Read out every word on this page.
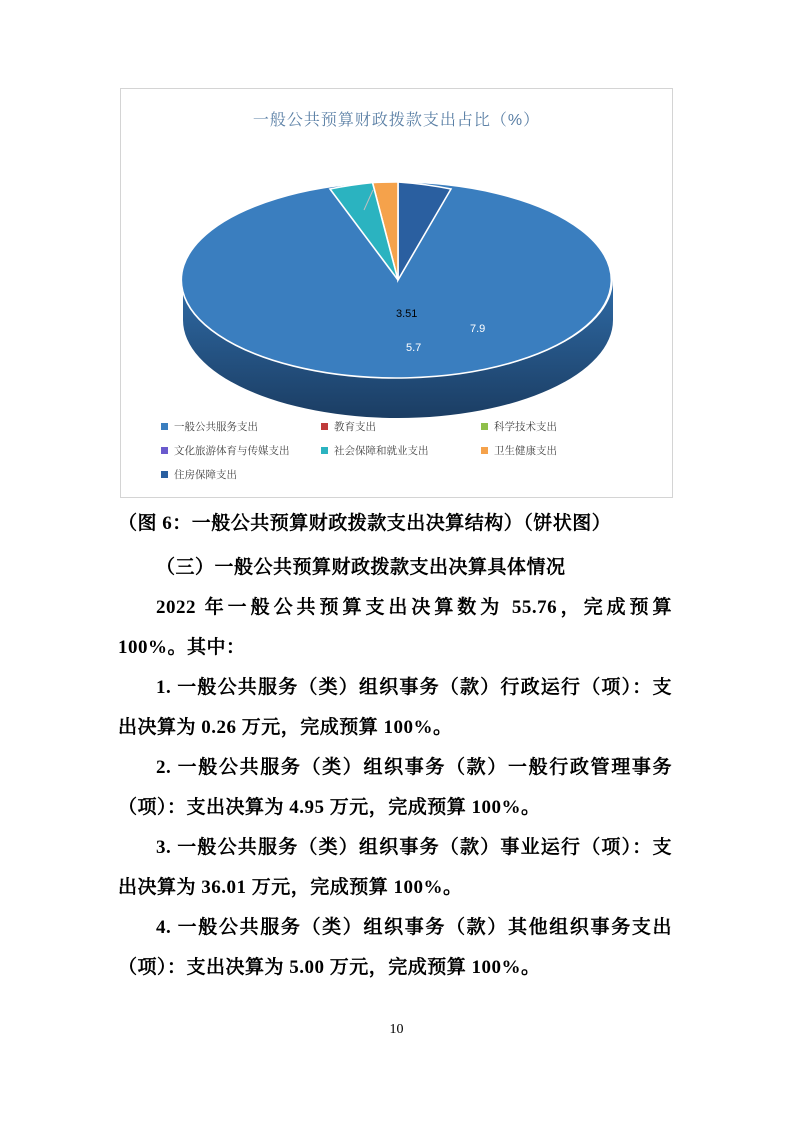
一般公共预算财政拨款支出占比（%）
3.51
5.7
7.9
82.89
一般公共服务支出	教育支出	科学技术支出
文化旅游体育与传媒支出	社会保障和就业支出	卫生健康支出
住房保障支出
（图 6：一般公共预算财政拨款支出决算结构）（饼状图）
（三）一般公共预算财政拨款支出决算具体情况
2022 年一般公共预算支出决算数为 55.76，完成预算 100%。其中：
1. 一般公共服务（类）组织事务（款）行政运行（项）：支出决算为 0.26 万元，完成预算 100%。
2. 一般公共服务（类）组织事务（款）一般行政管理事务（项）：支出决算为 4.95 万元，完成预算 100%。
3. 一般公共服务（类）组织事务（款）事业运行（项）：支出决算为 36.01 万元，完成预算 100%。
4. 一般公共服务（类）组织事务（款）其他组织事务支出（项）：支出决算为 5.00 万元，完成预算 100%。
10
